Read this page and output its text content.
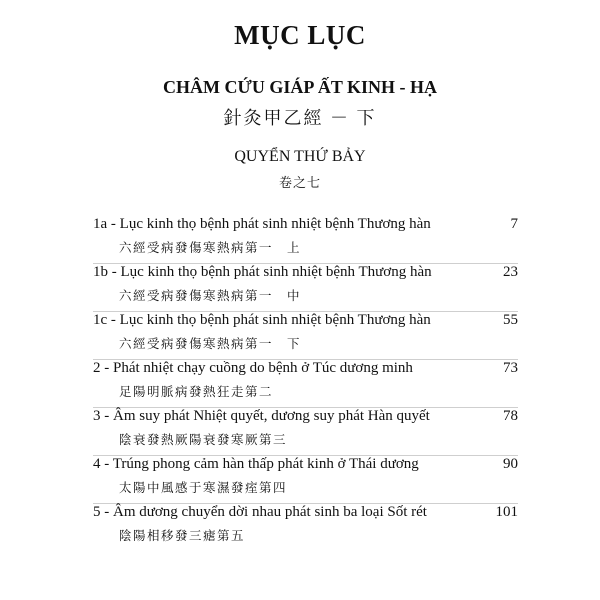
MỤC LỤC
CHÂM CỨU GIÁP ẤT KINH - HẠ
針灸甲乙經 － 下
QUYỂN THỨ BẢY
卷之七
1a - Lục kinh thọ bệnh phát sinh nhiệt bệnh Thương hàn	7
六經受病發傷寒熱病第一　上
1b - Lục kinh thọ bệnh phát sinh nhiệt bệnh Thương hàn	23
六經受病發傷寒熱病第一　中
1c - Lục kinh thọ bệnh phát sinh nhiệt bệnh Thương hàn	55
六經受病發傷寒熱病第一　下
2 - Phát nhiệt chạy cuồng do bệnh ở Túc dương minh	73
足陽明脈病發熱狂走第二
3 - Âm suy phát Nhiệt quyết, dương suy phát Hàn quyết	78
陰衰發熱厥陽衰發寒厥第三
4 - Trúng phong cảm hàn thấp phát kinh ở Thái dương	90
太陽中風感于寒濕發痓第四
5 - Âm dương chuyển dời nhau phát sinh ba loại Sốt rét	101
陰陽相移發三瘧第五
